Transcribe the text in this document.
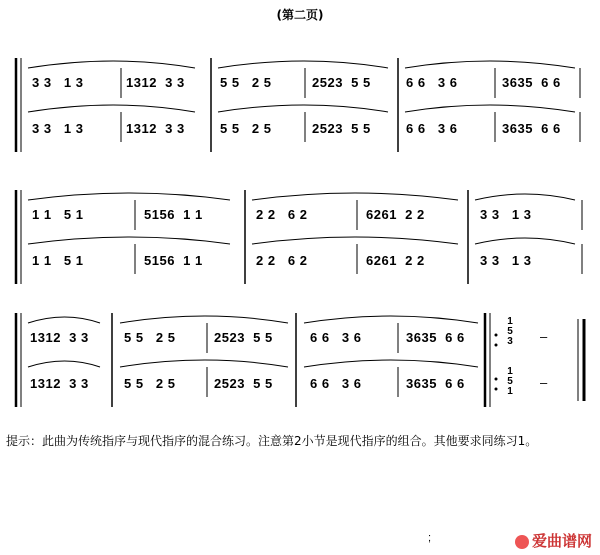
(第二页)
3 3   1 3	1312  3 3	5 5   2 5	2523  5 5	6 6   3 6	3635  6 6
3 3   1 3	1312  3 3	5 5   2 5	2523  5 5	6 6   3 6	3635  6 6
1 1   5 1	5156  1 1	2 2   6 2	6261  2 2	3 3   1 3
1 1   5 1	5156  1 1	2 2   6 2	6261  2 2	3 3   1 3
1312  3 3	5 5   2 5	2523  5 5	6 6   3 6	3635  6 6
1312  3 3	5 5   2 5	2523  5 5	6 6   3 6	3635  6 6
1
5
3
1
5
1
–
–
提示：此曲为传统指序与现代指序的混合练习。注意第2小节是现代指序的组合。其他要求同练习1。
;	爱曲谱网
